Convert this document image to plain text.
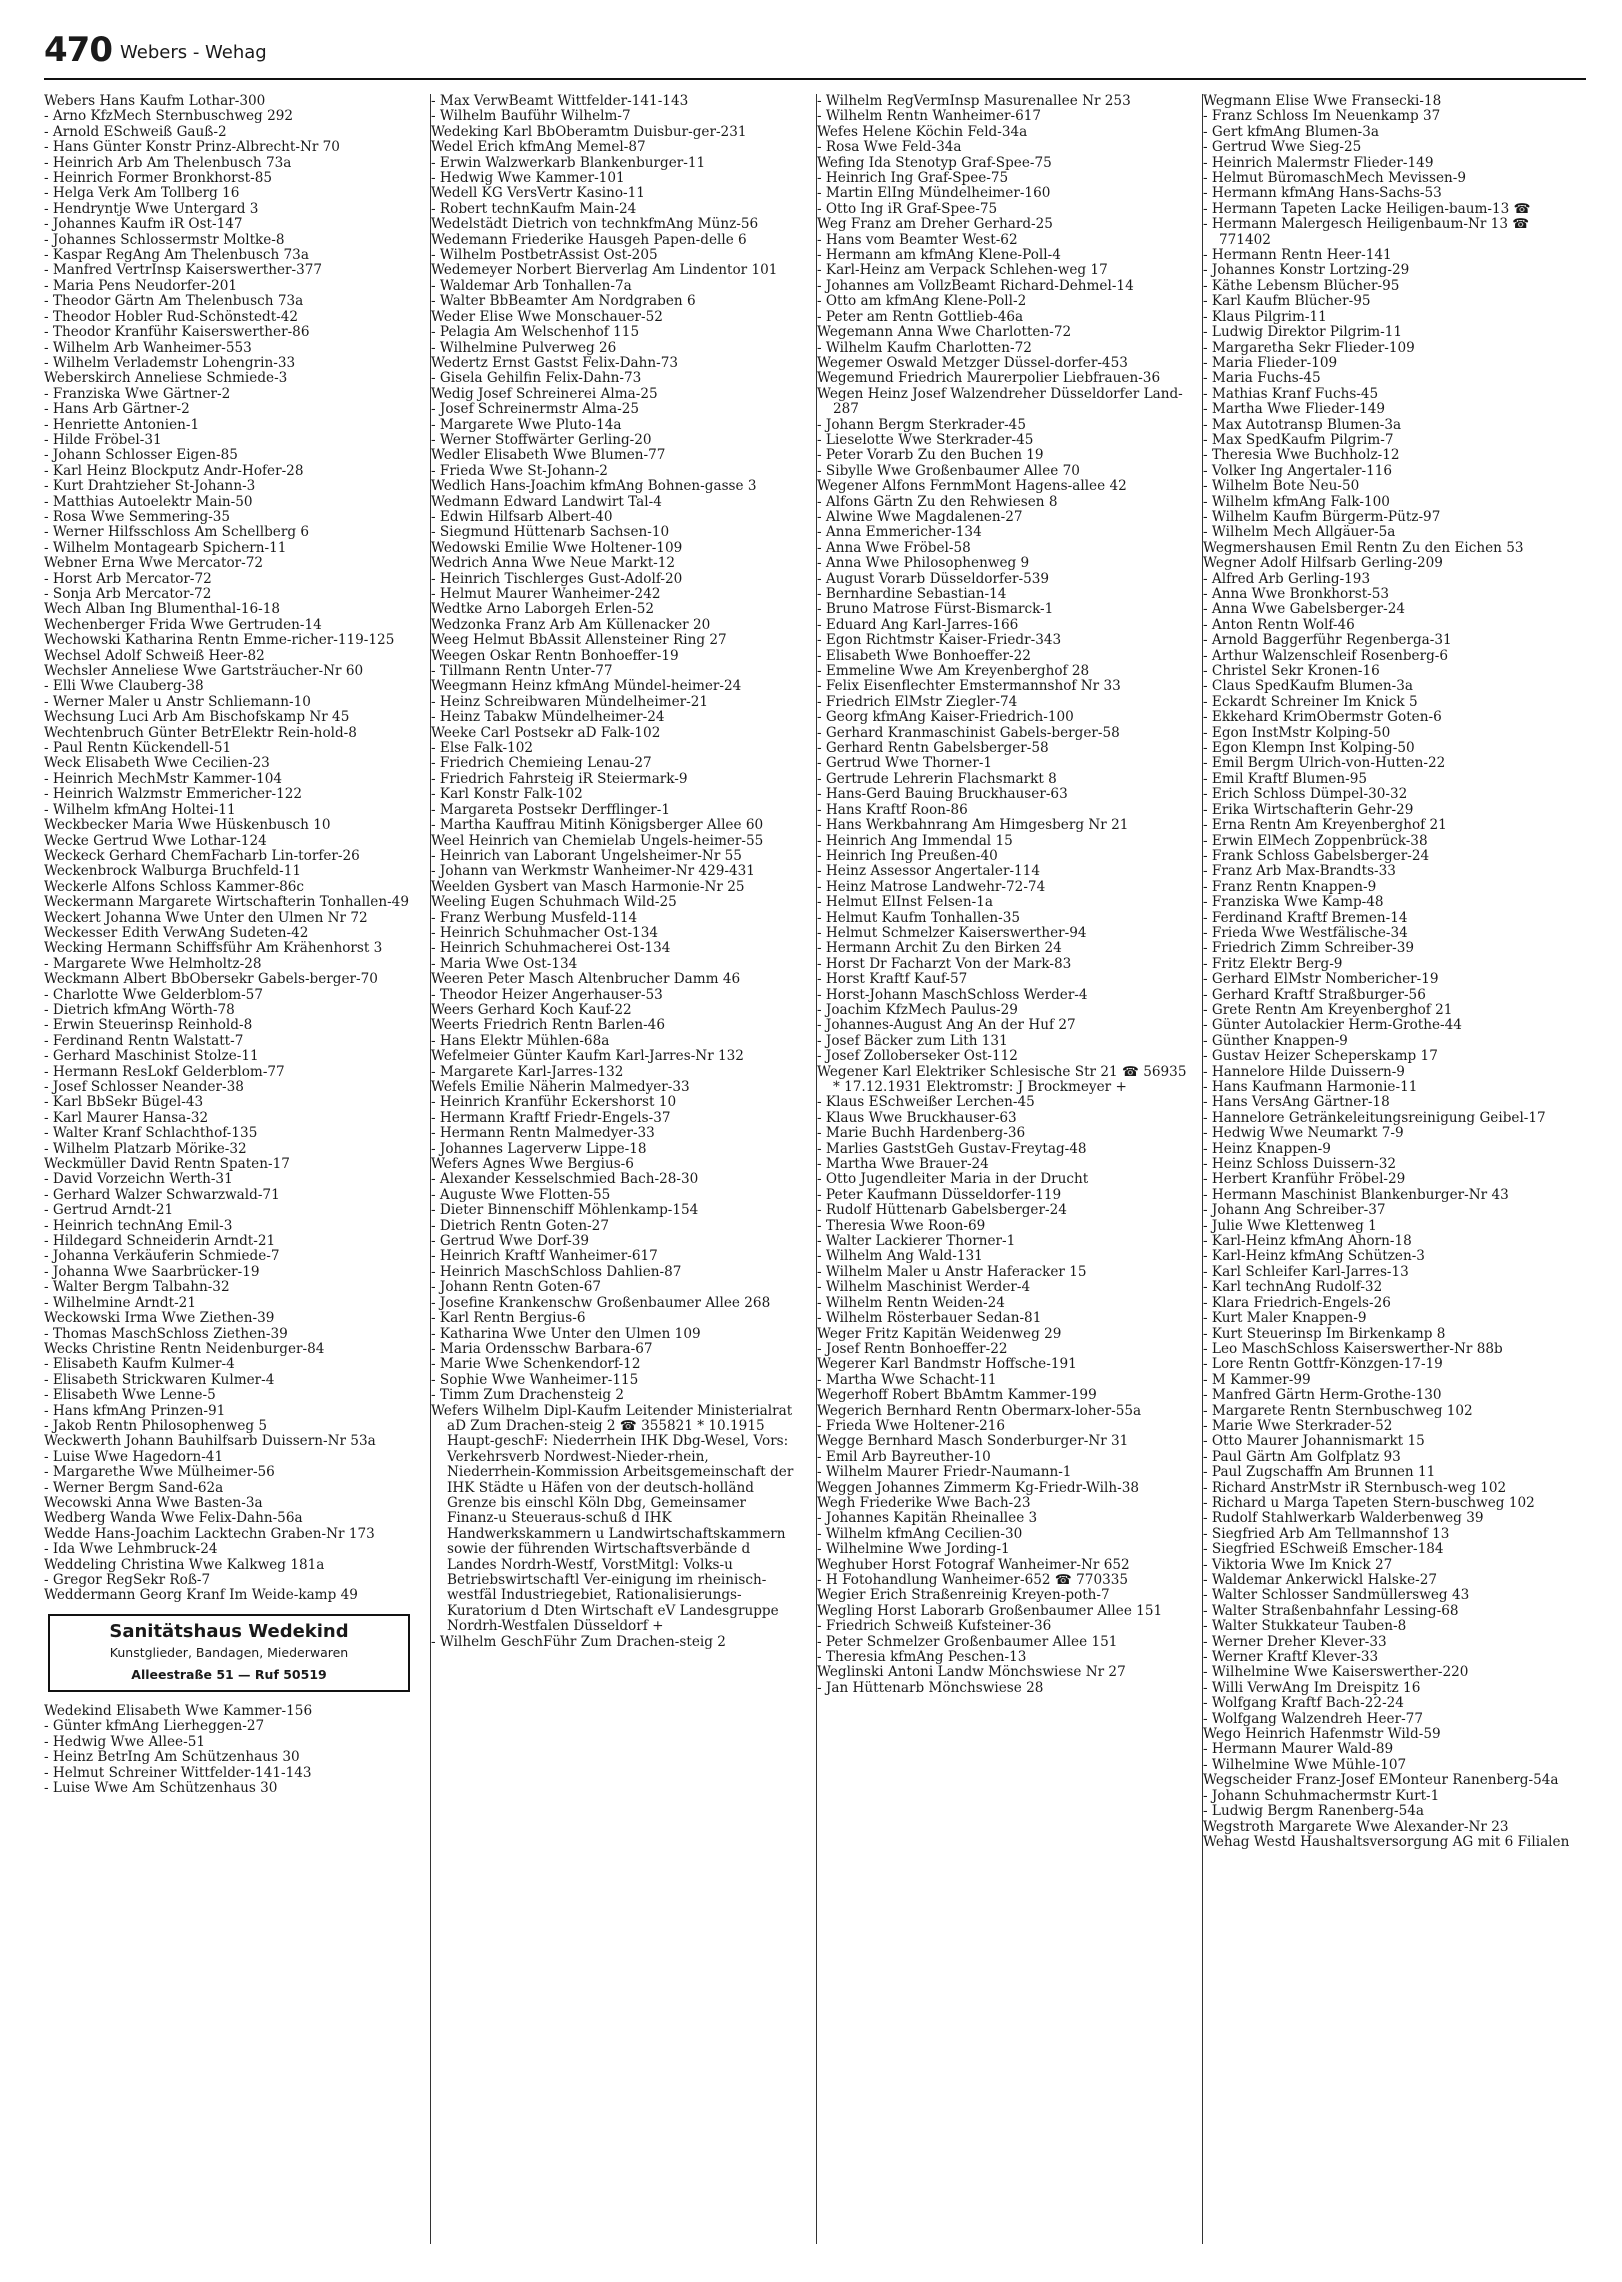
470 Webers - Wehag

Webers Hans Kaufm Lothar-300

- Arno KfzMech Sternbuschweg 292

- Arnold ESchweiß Gauß-2

- Hans Günter Konstr Prinz-Albrecht-Nr 70

- Heinrich Arb Am Thelenbusch 73a

- Heinrich Former Bronkhorst-85

- Helga Verk Am Tollberg 16

- Hendryntje Wwe Untergard 3

- Johannes Kaufm iR Ost-147

- Johannes Schlossermstr Moltke-8

- Kaspar RegAng Am Thelenbusch 73a

- Manfred VertrInsp Kaiserswerther-377

- Maria Pens Neudorfer-201

- Theodor Gärtn Am Thelenbusch 73a

- Theodor Hobler Rud-Schönstedt-42

- Theodor Kranführ Kaiserswerther-86

- Wilhelm Arb Wanheimer-553

- Wilhelm Verlademstr Lohengrin-33

Weberskirch Anneliese Schmiede-3

- Franziska Wwe Gärtner-2

- Hans Arb Gärtner-2

- Henriette Antonien-1

- Hilde Fröbel-31

- Johann Schlosser Eigen-85

- Karl Heinz Blockputz Andr-Hofer-28

- Kurt Drahtzieher St-Johann-3

- Matthias Autoelektr Main-50

- Rosa Wwe Semmering-35

- Werner Hilfsschloss Am Schellberg 6

- Wilhelm Montagearb Spichern-11

Webner Erna Wwe Mercator-72

- Horst Arb Mercator-72

- Sonja Arb Mercator-72

Wech Alban Ing Blumenthal-16-18

Wechenberger Frida Wwe Gertruden-14

Wechowski Katharina Rentn Emme-richer-119-125

Wechsel Adolf Schweiß Heer-82

Wechsler Anneliese Wwe Gartsträucher-Nr 60

- Elli Wwe Clauberg-38

- Werner Maler u Anstr Schliemann-10

Wechsung Luci Arb Am Bischofskamp Nr 45

Wechtenbruch Günter BetrElektr Rein-hold-8

- Paul Rentn Kückendell-51

Weck Elisabeth Wwe Cecilien-23

- Heinrich MechMstr Kammer-104

- Heinrich Walzmstr Emmericher-122

- Wilhelm kfmAng Holtei-11

Weckbecker Maria Wwe Hüskenbusch 10

Wecke Gertrud Wwe Lothar-124

Weckeck Gerhard ChemFacharb Lin-torfer-26

Weckenbrock Walburga Bruchfeld-11

Weckerle Alfons Schloss Kammer-86c

Weckermann Margarete Wirtschafterin Tonhallen-49

Weckert Johanna Wwe Unter den Ulmen Nr 72

Weckesser Edith VerwAng Sudeten-42

Wecking Hermann Schiffsführ Am Krähenhorst 3

- Margarete Wwe Helmholtz-28

Weckmann Albert BbObersekr Gabels-berger-70

- Charlotte Wwe Gelderblom-57

- Dietrich kfmAng Wörth-78

- Erwin Steuerinsp Reinhold-8

- Ferdinand Rentn Walstatt-7

- Gerhard Maschinist Stolze-11

- Hermann ResLokf Gelderblom-77

- Josef Schlosser Neander-38

- Karl BbSekr Bügel-43

- Karl Maurer Hansa-32

- Walter Kranf Schlachthof-135

- Wilhelm Platzarb Mörike-32

Weckmüller David Rentn Spaten-17

- David Vorzeichn Werth-31

- Gerhard Walzer Schwarzwald-71

- Gertrud Arndt-21

- Heinrich technAng Emil-3

- Hildegard Schneiderin Arndt-21

- Johanna Verkäuferin Schmiede-7

- Johanna Wwe Saarbrücker-19

- Walter Bergm Talbahn-32

- Wilhelmine Arndt-21

Weckowski Irma Wwe Ziethen-39

- Thomas MaschSchloss Ziethen-39

Wecks Christine Rentn Neidenburger-84

- Elisabeth Kaufm Kulmer-4

- Elisabeth Strickwaren Kulmer-4

- Elisabeth Wwe Lenne-5

- Hans kfmAng Prinzen-91

- Jakob Rentn Philosophenweg 5

Weckwerth Johann Bauhilfsarb Duissern-Nr 53a

- Luise Wwe Hagedorn-41

- Margarethe Wwe Mülheimer-56

- Werner Bergm Sand-62a

Wecowski Anna Wwe Basten-3a

Wedberg Wanda Wwe Felix-Dahn-56a

Wedde Hans-Joachim Lacktechn Graben-Nr 173

- Ida Wwe Lehmbruck-24

Weddeling Christina Wwe Kalkweg 181a

- Gregor RegSekr Roß-7

Weddermann Georg Kranf Im Weide-kamp 49

Sanitätshaus Wedekind
Kunstglieder, Bandagen, Miederwaren
Alleestraße 51 — Ruf 50519

Wedekind Elisabeth Wwe Kammer-156

- Günter kfmAng Lierheggen-27

- Hedwig Wwe Allee-51

- Heinz BetrIng Am Schützenhaus 30

- Helmut Schreiner Wittfelder-141-143

- Luise Wwe Am Schützenhaus 30

- Max VerwBeamt Wittfelder-141-143

- Wilhelm Bauführ Wilhelm-7

Wedeking Karl BbOberamtm Duisbur-ger-231

Wedel Erich kfmAng Memel-87

- Erwin Walzwerkarb Blankenburger-11

- Hedwig Wwe Kammer-101

Wedell KG VersVertr Kasino-11

- Robert technKaufm Main-24

Wedelstädt Dietrich von technkfmAng Münz-56

Wedemann Friederike Hausgeh Papen-delle 6

- Wilhelm PostbetrAssist Ost-205

Wedemeyer Norbert Bierverlag Am Lindentor 101

- Waldemar Arb Tonhallen-7a

- Walter BbBeamter Am Nordgraben 6

Weder Elise Wwe Monschauer-52

- Pelagia Am Welschenhof 115

- Wilhelmine Pulverweg 26

Wedertz Ernst Gastst Felix-Dahn-73

- Gisela Gehilfin Felix-Dahn-73

Wedig Josef Schreinerei Alma-25

- Josef Schreinermstr Alma-25

- Margarete Wwe Pluto-14a

- Werner Stoffwärter Gerling-20

Wedler Elisabeth Wwe Blumen-77

- Frieda Wwe St-Johann-2

Wedlich Hans-Joachim kfmAng Bohnen-gasse 3

Wedmann Edward Landwirt Tal-4

- Edwin Hilfsarb Albert-40

- Siegmund Hüttenarb Sachsen-10

Wedowski Emilie Wwe Holtener-109

Wedrich Anna Wwe Neue Markt-12

- Heinrich Tischlerges Gust-Adolf-20

- Helmut Maurer Wanheimer-242

Wedtke Arno Laborgeh Erlen-52

Wedzonka Franz Arb Am Küllenacker 20

Weeg Helmut BbAssit Allensteiner Ring 27

Weegen Oskar Rentn Bonhoeffer-19

- Tillmann Rentn Unter-77

Weegmann Heinz kfmAng Mündel-heimer-24

- Heinz Schreibwaren Mündelheimer-21

- Heinz Tabakw Mündelheimer-24

Weeke Carl Postsekr aD Falk-102

- Else Falk-102

- Friedrich Chemieing Lenau-27

- Friedrich Fahrsteig iR Steiermark-9

- Karl Konstr Falk-102

- Margareta Postsekr Derfflinger-1

- Martha Kauffrau Mitinh Königsberger Allee 60

Weel Heinrich van Chemielab Ungels-heimer-55

- Heinrich van Laborant Ungelsheimer-Nr 55

- Johann van Werkmstr Wanheimer-Nr 429-431

Weelden Gysbert van Masch Harmonie-Nr 25

Weeling Eugen Schuhmach Wild-25

- Franz Werbung Musfeld-114

- Heinrich Schuhmacher Ost-134

- Heinrich Schuhmacherei Ost-134

- Maria Wwe Ost-134

Weeren Peter Masch Altenbrucher Damm 46

- Theodor Heizer Angerhauser-53

Weers Gerhard Koch Kauf-22

Weerts Friedrich Rentn Barlen-46

- Hans Elektr Mühlen-68a

Wefelmeier Günter Kaufm Karl-Jarres-Nr 132

- Margarete Karl-Jarres-132

Wefels Emilie Näherin Malmedyer-33

- Heinrich Kranführ Eckershorst 10

- Hermann Kraftf Friedr-Engels-37

- Hermann Rentn Malmedyer-33

- Johannes Lagerverw Lippe-18

Wefers Agnes Wwe Bergius-6

- Alexander Kesselschmied Bach-28-30

- Auguste Wwe Flotten-55

- Dieter Binnenschiff Möhlenkamp-154

- Dietrich Rentn Goten-27

- Gertrud Wwe Dorf-39

- Heinrich Kraftf Wanheimer-617

- Heinrich MaschSchloss Dahlien-87

- Johann Rentn Goten-67

- Josefine Krankenschw Großenbaumer Allee 268

- Karl Rentn Bergius-6

- Katharina Wwe Unter den Ulmen 109

- Maria Ordensschw Barbara-67

- Marie Wwe Schenkendorf-12

- Sophie Wwe Wanheimer-115

- Timm Zum Drachensteig 2

Wefers Wilhelm Dipl-Kaufm Leitender Ministerialrat aD Zum Drachen-steig 2 ☎ 355821 * 10.1915 Haupt-geschF: Niederrhein IHK Dbg-Wesel, Vors: Verkehrsverb Nordwest-Nieder-rhein, Niederrhein-Kommission Arbeitsgemeinschaft der IHK Städte u Häfen von der deutsch-holländ Grenze bis einschl Köln Dbg, Gemeinsamer Finanz-u Steueraus-schuß d IHK Handwerkskammern u Landwirtschaftskammern sowie der führenden Wirtschaftsverbände d Landes Nordrh-Westf, VorstMitgl: Volks-u Betriebswirtschaftl Ver-einigung im rheinisch-westfäl Industriegebiet, Rationalisierungs-Kuratorium d Dten Wirtschaft eV Landesgruppe Nordrh-Westfalen Düsseldorf +

- Wilhelm GeschFühr Zum Drachen-steig 2

- Wilhelm RegVermInsp Masurenallee Nr 253

- Wilhelm Rentn Wanheimer-617

Wefes Helene Köchin Feld-34a

- Rosa Wwe Feld-34a

Wefing Ida Stenotyp Graf-Spee-75

- Heinrich Ing Graf-Spee-75

- Martin ElIng Mündelheimer-160

- Otto Ing iR Graf-Spee-75

Weg Franz am Dreher Gerhard-25

- Hans vom Beamter West-62

- Hermann am kfmAng Klene-Poll-4

- Karl-Heinz am Verpack Schlehen-weg 17

- Johannes am VollzBeamt Richard-Dehmel-14

- Otto am kfmAng Klene-Poll-2

- Peter am Rentn Gottlieb-46a

Wegemann Anna Wwe Charlotten-72

- Wilhelm Kaufm Charlotten-72

Wegemer Oswald Metzger Düssel-dorfer-453

Wegemund Friedrich Maurerpolier Liebfrauen-36

Wegen Heinz Josef Walzendreher Düsseldorfer Land-287

- Johann Bergm Sterkrader-45

- Lieselotte Wwe Sterkrader-45

- Peter Vorarb Zu den Buchen 19

- Sibylle Wwe Großenbaumer Allee 70

Wegener Alfons FernmMont Hagens-allee 42

- Alfons Gärtn Zu den Rehwiesen 8

- Alwine Wwe Magdalenen-27

- Anna Emmericher-134

- Anna Wwe Fröbel-58

- Anna Wwe Philosophenweg 9

- August Vorarb Düsseldorfer-539

- Bernhardine Sebastian-14

- Bruno Matrose Fürst-Bismarck-1

- Eduard Ang Karl-Jarres-166

- Egon Richtmstr Kaiser-Friedr-343

- Elisabeth Wwe Bonhoeffer-22

- Emmeline Wwe Am Kreyenberghof 28

- Felix Eisenflechter Emstermannshof Nr 33

- Friedrich ElMstr Ziegler-74

- Georg kfmAng Kaiser-Friedrich-100

- Gerhard Kranmaschinist Gabels-berger-58

- Gerhard Rentn Gabelsberger-58

- Gertrud Wwe Thorner-1

- Gertrude Lehrerin Flachsmarkt 8

- Hans-Gerd Bauing Bruckhauser-63

- Hans Kraftf Roon-86

- Hans Werkbahnrang Am Himgesberg Nr 21

- Heinrich Ang Immendal 15

- Heinrich Ing Preußen-40

- Heinz Assessor Angertaler-114

- Heinz Matrose Landwehr-72-74

- Helmut ElInst Felsen-1a

- Helmut Kaufm Tonhallen-35

- Helmut Schmelzer Kaiserswerther-94

- Hermann Archit Zu den Birken 24

- Horst Dr Facharzt Von der Mark-83

- Horst Kraftf Kauf-57

- Horst-Johann MaschSchloss Werder-4

- Joachim KfzMech Paulus-29

- Johannes-August Ang An der Huf 27

- Josef Bäcker zum Lith 131

- Josef Zolloberseker Ost-112

Wegener Karl Elektriker Schlesische Str 21 ☎ 56935 * 17.12.1931 Elektromstr: J Brockmeyer +

- Klaus ESchweißer Lerchen-45

- Klaus Wwe Bruckhauser-63

- Marie Buchh Hardenberg-36

- Marlies GaststGeh Gustav-Freytag-48

- Martha Wwe Brauer-24

- Otto Jugendleiter Maria in der Drucht

- Peter Kaufmann Düsseldorfer-119

- Rudolf Hüttenarb Gabelsberger-24

- Theresia Wwe Roon-69

- Walter Lackierer Thorner-1

- Wilhelm Ang Wald-131

- Wilhelm Maler u Anstr Haferacker 15

- Wilhelm Maschinist Werder-4

- Wilhelm Rentn Weiden-24

- Wilhelm Rösterbauer Sedan-81

Weger Fritz Kapitän Weidenweg 29

- Josef Rentn Bonhoeffer-22

Wegerer Karl Bandmstr Hoffsche-191

- Martha Wwe Schacht-11

Wegerhoff Robert BbAmtm Kammer-199

Wegerich Bernhard Rentn Obermarx-loher-55a

- Frieda Wwe Holtener-216

Wegge Bernhard Masch Sonderburger-Nr 31

- Emil Arb Bayreuther-10

- Wilhelm Maurer Friedr-Naumann-1

Weggen Johannes Zimmerm Kg-Friedr-Wilh-38

Wegh Friederike Wwe Bach-23

- Johannes Kapitän Rheinallee 3

- Wilhelm kfmAng Cecilien-30

- Wilhelmine Wwe Jording-1

Weghuber Horst Fotograf Wanheimer-Nr 652

- H Fotohandlung Wanheimer-652 ☎ 770335

Wegier Erich Straßenreinig Kreyen-poth-7

Wegling Horst Laborarb Großenbaumer Allee 151

- Friedrich Schweiß Kufsteiner-36

- Peter Schmelzer Großenbaumer Allee 151

- Theresia kfmAng Peschen-13

Weglinski Antoni Landw Mönchswiese Nr 27

- Jan Hüttenarb Mönchswiese 28

Wegmann Elise Wwe Fransecki-18

- Franz Schloss Im Neuenkamp 37

- Gert kfmAng Blumen-3a

- Gertrud Wwe Sieg-25

- Heinrich Malermstr Flieder-149

- Helmut BüromaschMech Mevissen-9

- Hermann kfmAng Hans-Sachs-53

- Hermann Tapeten Lacke Heiligen-baum-13 ☎

- Hermann Malergesch Heiligenbaum-Nr 13 ☎ 771402

- Hermann Rentn Heer-141

- Johannes Konstr Lortzing-29

- Käthe Lebensm Blücher-95

- Karl Kaufm Blücher-95

- Klaus Pilgrim-11

- Ludwig Direktor Pilgrim-11

- Margaretha Sekr Flieder-109

- Maria Flieder-109

- Maria Fuchs-45

- Mathias Kranf Fuchs-45

- Martha Wwe Flieder-149

- Max Autotransp Blumen-3a

- Max SpedKaufm Pilgrim-7

- Theresia Wwe Buchholz-12

- Volker Ing Angertaler-116

- Wilhelm Bote Neu-50

- Wilhelm kfmAng Falk-100

- Wilhelm Kaufm Bürgerm-Pütz-97

- Wilhelm Mech Allgäuer-5a

Wegmershausen Emil Rentn Zu den Eichen 53

Wegner Adolf Hilfsarb Gerling-209

- Alfred Arb Gerling-193

- Anna Wwe Bronkhorst-53

- Anna Wwe Gabelsberger-24

- Anton Rentn Wolf-46

- Arnold Baggerführ Regenberga-31

- Arthur Walzenschleif Rosenberg-6

- Christel Sekr Kronen-16

- Claus SpedKaufm Blumen-3a

- Eckardt Schreiner Im Knick 5

- Ekkehard KrimObermstr Goten-6

- Egon InstMstr Kolping-50

- Egon Klempn Inst Kolping-50

- Emil Bergm Ulrich-von-Hutten-22

- Emil Kraftf Blumen-95

- Erich Schloss Dümpel-30-32

- Erika Wirtschafterin Gehr-29

- Erna Rentn Am Kreyenberghof 21

- Erwin ElMech Zoppenbrück-38

- Frank Schloss Gabelsberger-24

- Franz Arb Max-Brandts-33

- Franz Rentn Knappen-9

- Franziska Wwe Kamp-48

- Ferdinand Kraftf Bremen-14

- Frieda Wwe Westfälische-34

- Friedrich Zimm Schreiber-39

- Fritz Elektr Berg-9

- Gerhard ElMstr Nombericher-19

- Gerhard Kraftf Straßburger-56

- Grete Rentn Am Kreyenberghof 21

- Günter Autolackier Herm-Grothe-44

- Günther Knappen-9

- Gustav Heizer Scheperskamp 17

- Hannelore Hilde Duissern-9

- Hans Kaufmann Harmonie-11

- Hans VersAng Gärtner-18

- Hannelore Getränkeleitungsreinigung Geibel-17

- Hedwig Wwe Neumarkt 7-9

- Heinz Knappen-9

- Heinz Schloss Duissern-32

- Herbert Kranführ Fröbel-29

- Hermann Maschinist Blankenburger-Nr 43

- Johann Ang Schreiber-37

- Julie Wwe Klettenweg 1

- Karl-Heinz kfmAng Ahorn-18

- Karl-Heinz kfmAng Schützen-3

- Karl Schleifer Karl-Jarres-13

- Karl technAng Rudolf-32

- Klara Friedrich-Engels-26

- Kurt Maler Knappen-9

- Kurt Steuerinsp Im Birkenkamp 8

- Leo MaschSchloss Kaiserswerther-Nr 88b

- Lore Rentn Gottfr-Könzgen-17-19

- M Kammer-99

- Manfred Gärtn Herm-Grothe-130

- Margarete Rentn Sternbuschweg 102

- Marie Wwe Sterkrader-52

- Otto Maurer Johannismarkt 15

- Paul Gärtn Am Golfplatz 93

- Paul Zugschaffn Am Brunnen 11

- Richard AnstrMstr iR Sternbusch-weg 102

- Richard u Marga Tapeten Stern-buschweg 102

- Rudolf Stahlwerkarb Walderbenweg 39

- Siegfried Arb Am Tellmannshof 13

- Siegfried ESchweiß Emscher-184

- Viktoria Wwe Im Knick 27

- Waldemar Ankerwickl Halske-27

- Walter Schlosser Sandmüllersweg 43

- Walter Straßenbahnfahr Lessing-68

- Walter Stukkateur Tauben-8

- Werner Dreher Klever-33

- Werner Kraftf Klever-33

- Wilhelmine Wwe Kaiserswerther-220

- Willi VerwAng Im Dreispitz 16

- Wolfgang Kraftf Bach-22-24

- Wolfgang Walzendreh Heer-77

Wego Heinrich Hafenmstr Wild-59

- Hermann Maurer Wald-89

- Wilhelmine Wwe Mühle-107

Wegscheider Franz-Josef EMonteur Ranenberg-54a

- Johann Schuhmachermstr Kurt-1

- Ludwig Bergm Ranenberg-54a

Wegstroth Margarete Wwe Alexander-Nr 23

Wehag Westd Haushaltsversorgung AG mit 6 Filialen
